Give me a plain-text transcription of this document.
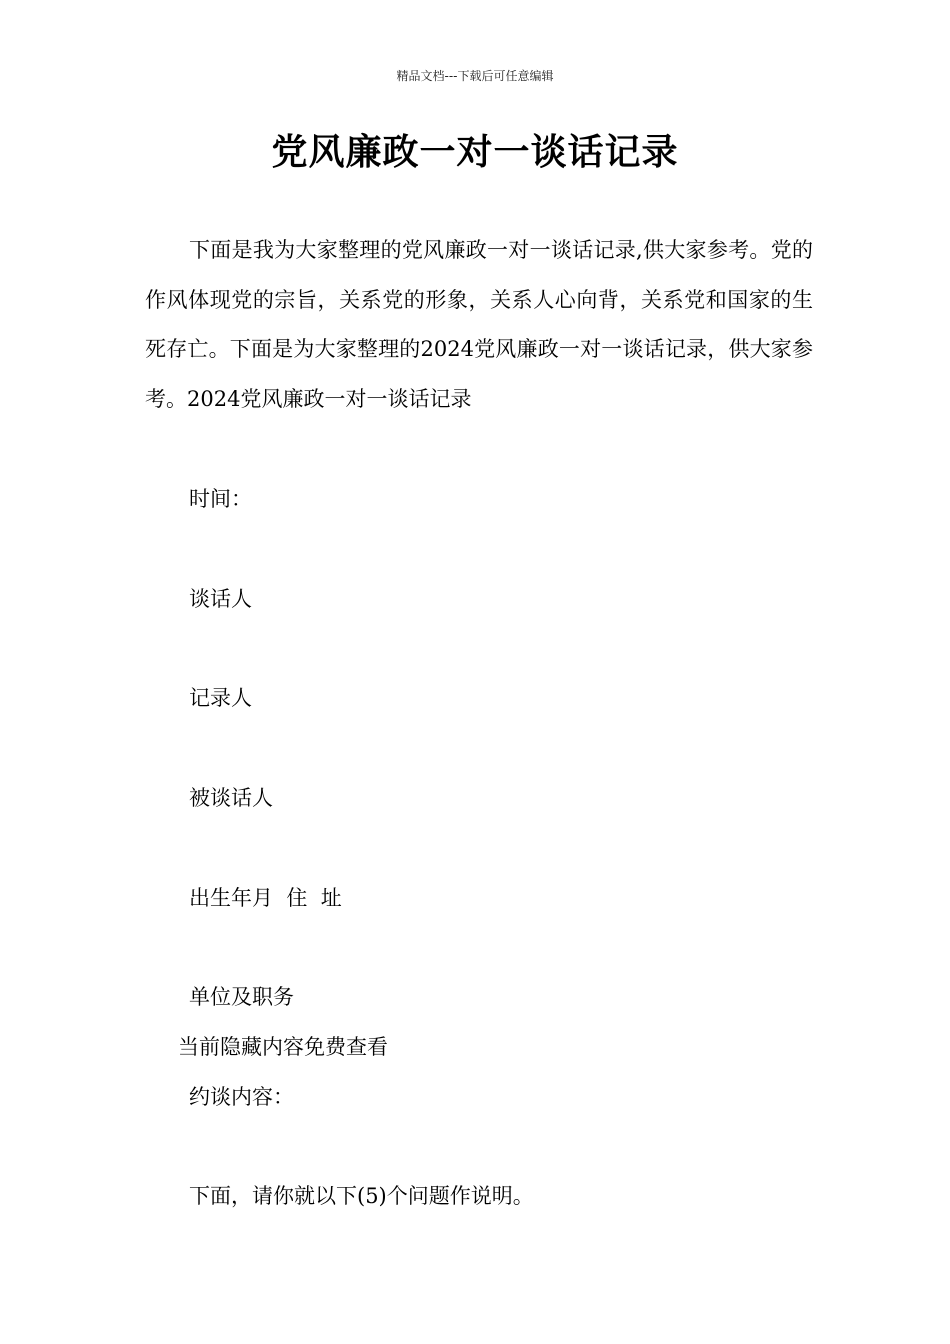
精品文档---下载后可任意编辑
党风廉政一对一谈话记录

下面是我为大家整理的党风廉政一对一谈话记录,供大家参考。党的作风体现党的宗旨，关系党的形象，关系人心向背，关系党和国家的生死存亡。下面是为大家整理的2024党风廉政一对一谈话记录，供大家参考。2024党风廉政一对一谈话记录

时间：

谈话人

记录人

被谈话人

出生年月  住  址

单位及职务

当前隐藏内容免费查看

约谈内容：

下面，请你就以下(5)个问题作说明。
